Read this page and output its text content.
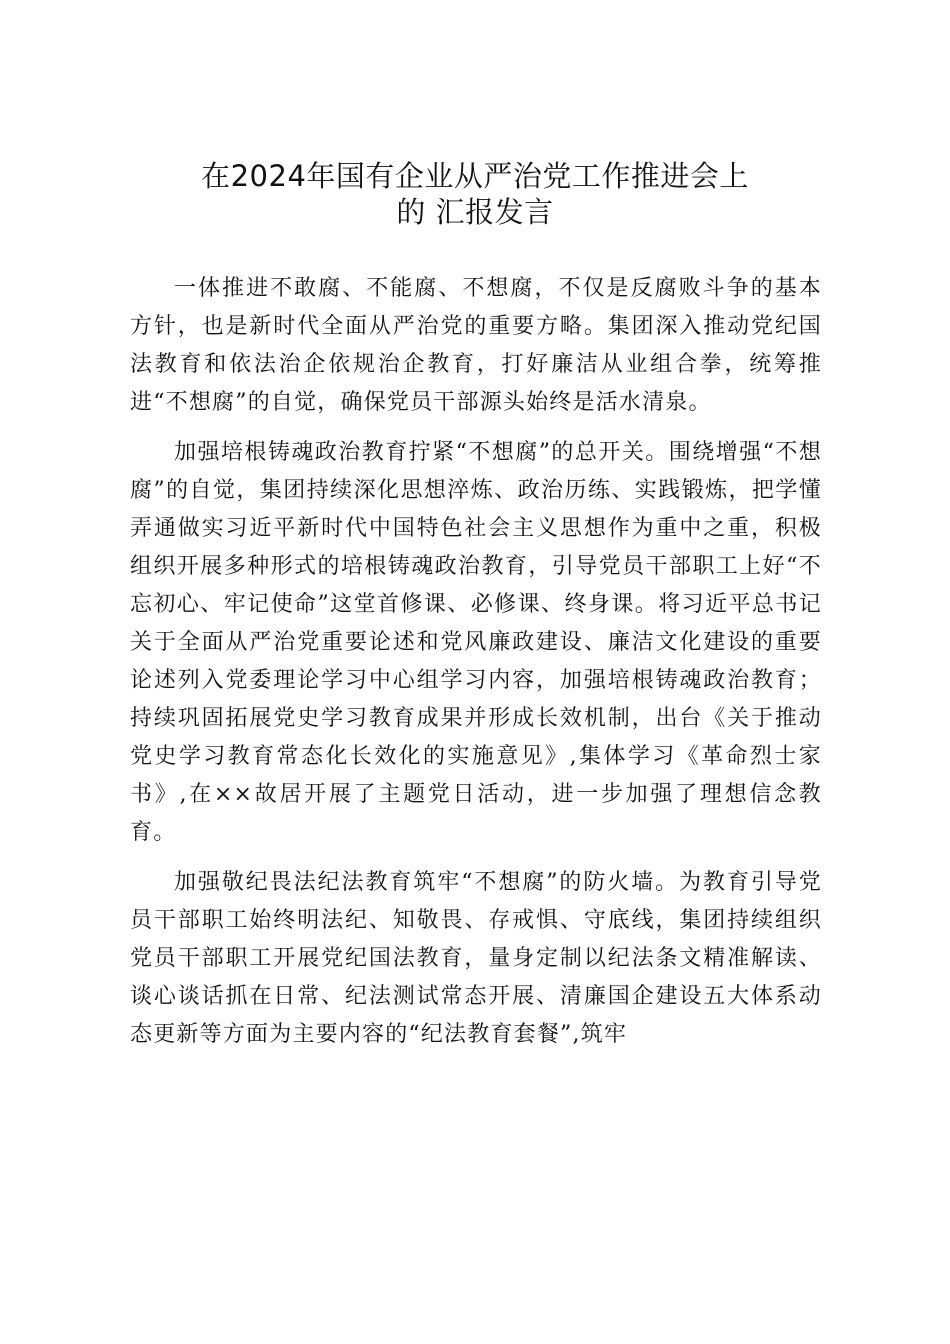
在2024年国有企业从严治党工作推进会上
的 汇报发言

一体推进不敢腐、不能腐、不想腐，不仅是反腐败斗争的基本方针，也是新时代全面从严治党的重要方略。集团深入推动党纪国法教育和依法治企依规治企教育，打好廉洁从业组合拳，统筹推进“不想腐”的自觉，确保党员干部源头始终是活水清泉。

加强培根铸魂政治教育拧紧“不想腐”的总开关。围绕增强“不想腐”的自觉，集团持续深化思想淬炼、政治历练、实践锻炼，把学懂弄通做实习近平新时代中国特色社会主义思想作为重中之重，积极组织开展多种形式的培根铸魂政治教育，引导党员干部职工上好“不忘初心、牢记使命”这堂首修课、必修课、终身课。将习近平总书记关于全面从严治党重要论述和党风廉政建设、廉洁文化建设的重要论述列入党委理论学习中心组学习内容，加强培根铸魂政治教育；持续巩固拓展党史学习教育成果并形成长效机制，出台《关于推动党史学习教育常态化长效化的实施意见》,集体学习《革命烈士家书》,在××故居开展了主题党日活动，进一步加强了理想信念教育。

加强敬纪畏法纪法教育筑牢“不想腐”的防火墙。为教育引导党员干部职工始终明法纪、知敬畏、存戒惧、守底线，集团持续组织党员干部职工开展党纪国法教育，量身定制以纪法条文精准解读、谈心谈话抓在日常、纪法测试常态开展、清廉国企建设五大体系动态更新等方面为主要内容的“纪法教育套餐”,筑牢
